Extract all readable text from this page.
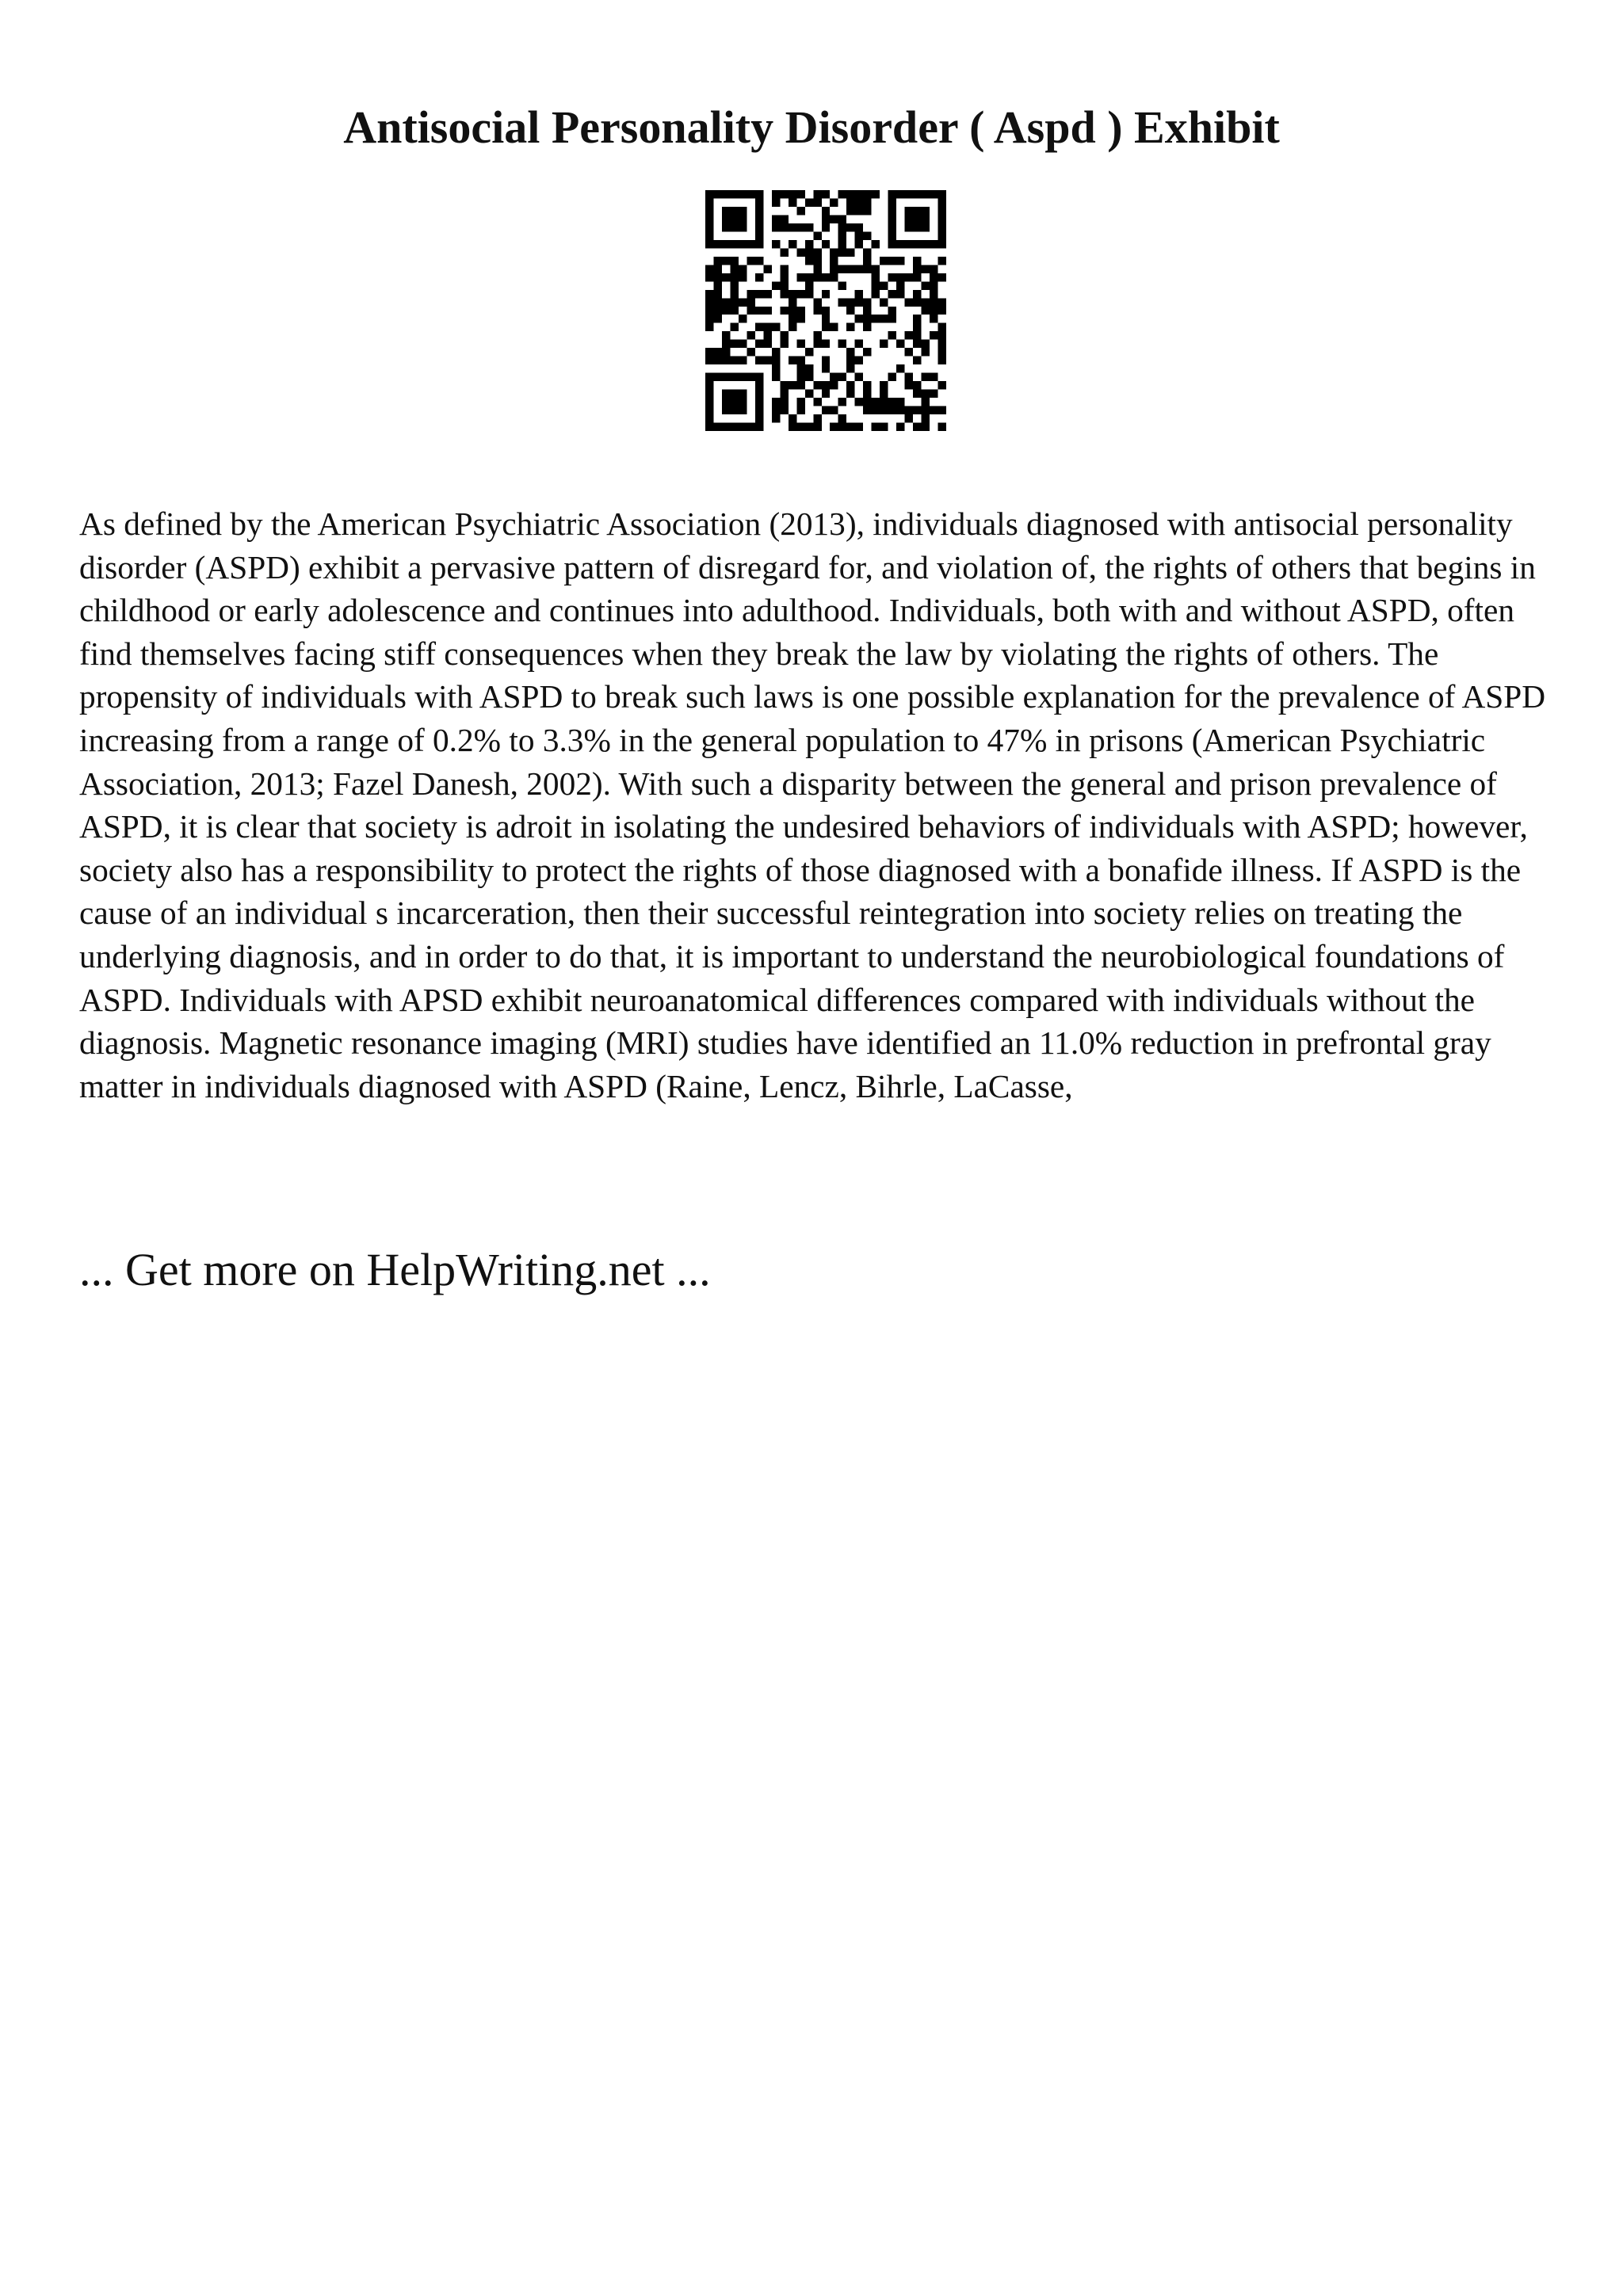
Antisocial Personality Disorder ( Aspd ) Exhibit

As defined by the American Psychiatric Association (2013), individuals diagnosed with antisocial personality disorder (ASPD) exhibit a pervasive pattern of disregard for, and violation of, the rights of others that begins in childhood or early adolescence and continues into adulthood. Individuals, both with and without ASPD, often find themselves facing stiff consequences when they break the law by violating the rights of others. The propensity of individuals with ASPD to break such laws is one possible explanation for the prevalence of ASPD increasing from a range of 0.2% to 3.3% in the general population to 47% in prisons (American Psychiatric Association, 2013; Fazel Danesh, 2002). With such a disparity between the general and prison prevalence of ASPD, it is clear that society is adroit in isolating the undesired behaviors of individuals with ASPD; however, society also has a responsibility to protect the rights of those diagnosed with a bonafide illness. If ASPD is the cause of an individual s incarceration, then their successful reintegration into society relies on treating the underlying diagnosis, and in order to do that, it is important to understand the neurobiological foundations of ASPD. Individuals with APSD exhibit neuroanatomical differences compared with individuals without the diagnosis. Magnetic resonance imaging (MRI) studies have identified an 11.0% reduction in prefrontal gray matter in individuals diagnosed with ASPD (Raine, Lencz, Bihrle, LaCasse,

... Get more on HelpWriting.net ...
